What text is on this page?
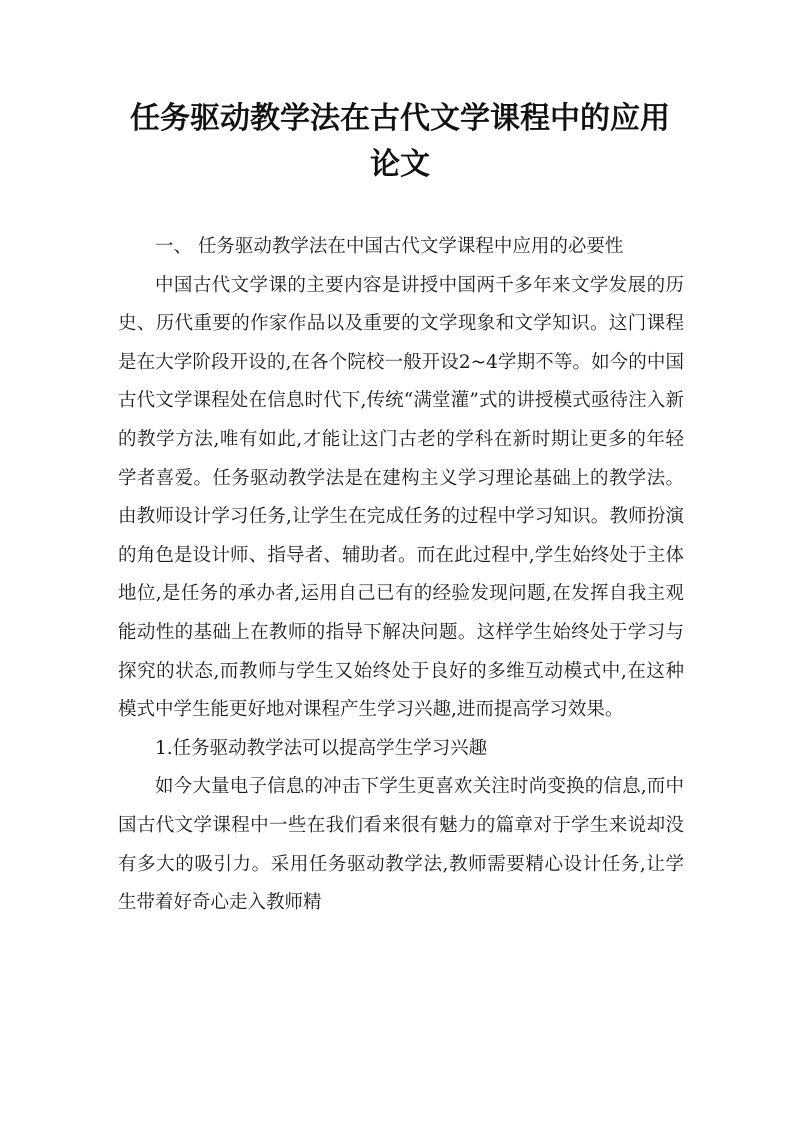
任务驱动教学法在古代文学课程中的应用
论文

一、 任务驱动教学法在中国古代文学课程中应用的必要性

中国古代文学课的主要内容是讲授中国两千多年来文学发展的历史、历代重要的作家作品以及重要的文学现象和文学知识。这门课程是在大学阶段开设的,在各个院校一般开设2~4学期不等。如今的中国古代文学课程处在信息时代下,传统“满堂灌”式的讲授模式亟待注入新的教学方法,唯有如此,才能让这门古老的学科在新时期让更多的年轻学者喜爱。任务驱动教学法是在建构主义学习理论基础上的教学法。由教师设计学习任务,让学生在完成任务的过程中学习知识。教师扮演的角色是设计师、指导者、辅助者。而在此过程中,学生始终处于主体地位,是任务的承办者,运用自己已有的经验发现问题,在发挥自我主观能动性的基础上在教师的指导下解决问题。这样学生始终处于学习与探究的状态,而教师与学生又始终处于良好的多维互动模式中,在这种模式中学生能更好地对课程产生学习兴趣,进而提高学习效果。

1.任务驱动教学法可以提高学生学习兴趣

如今大量电子信息的冲击下学生更喜欢关注时尚变换的信息,而中国古代文学课程中一些在我们看来很有魅力的篇章对于学生来说却没有多大的吸引力。采用任务驱动教学法,教师需要精心设计任务,让学生带着好奇心走入教师精
